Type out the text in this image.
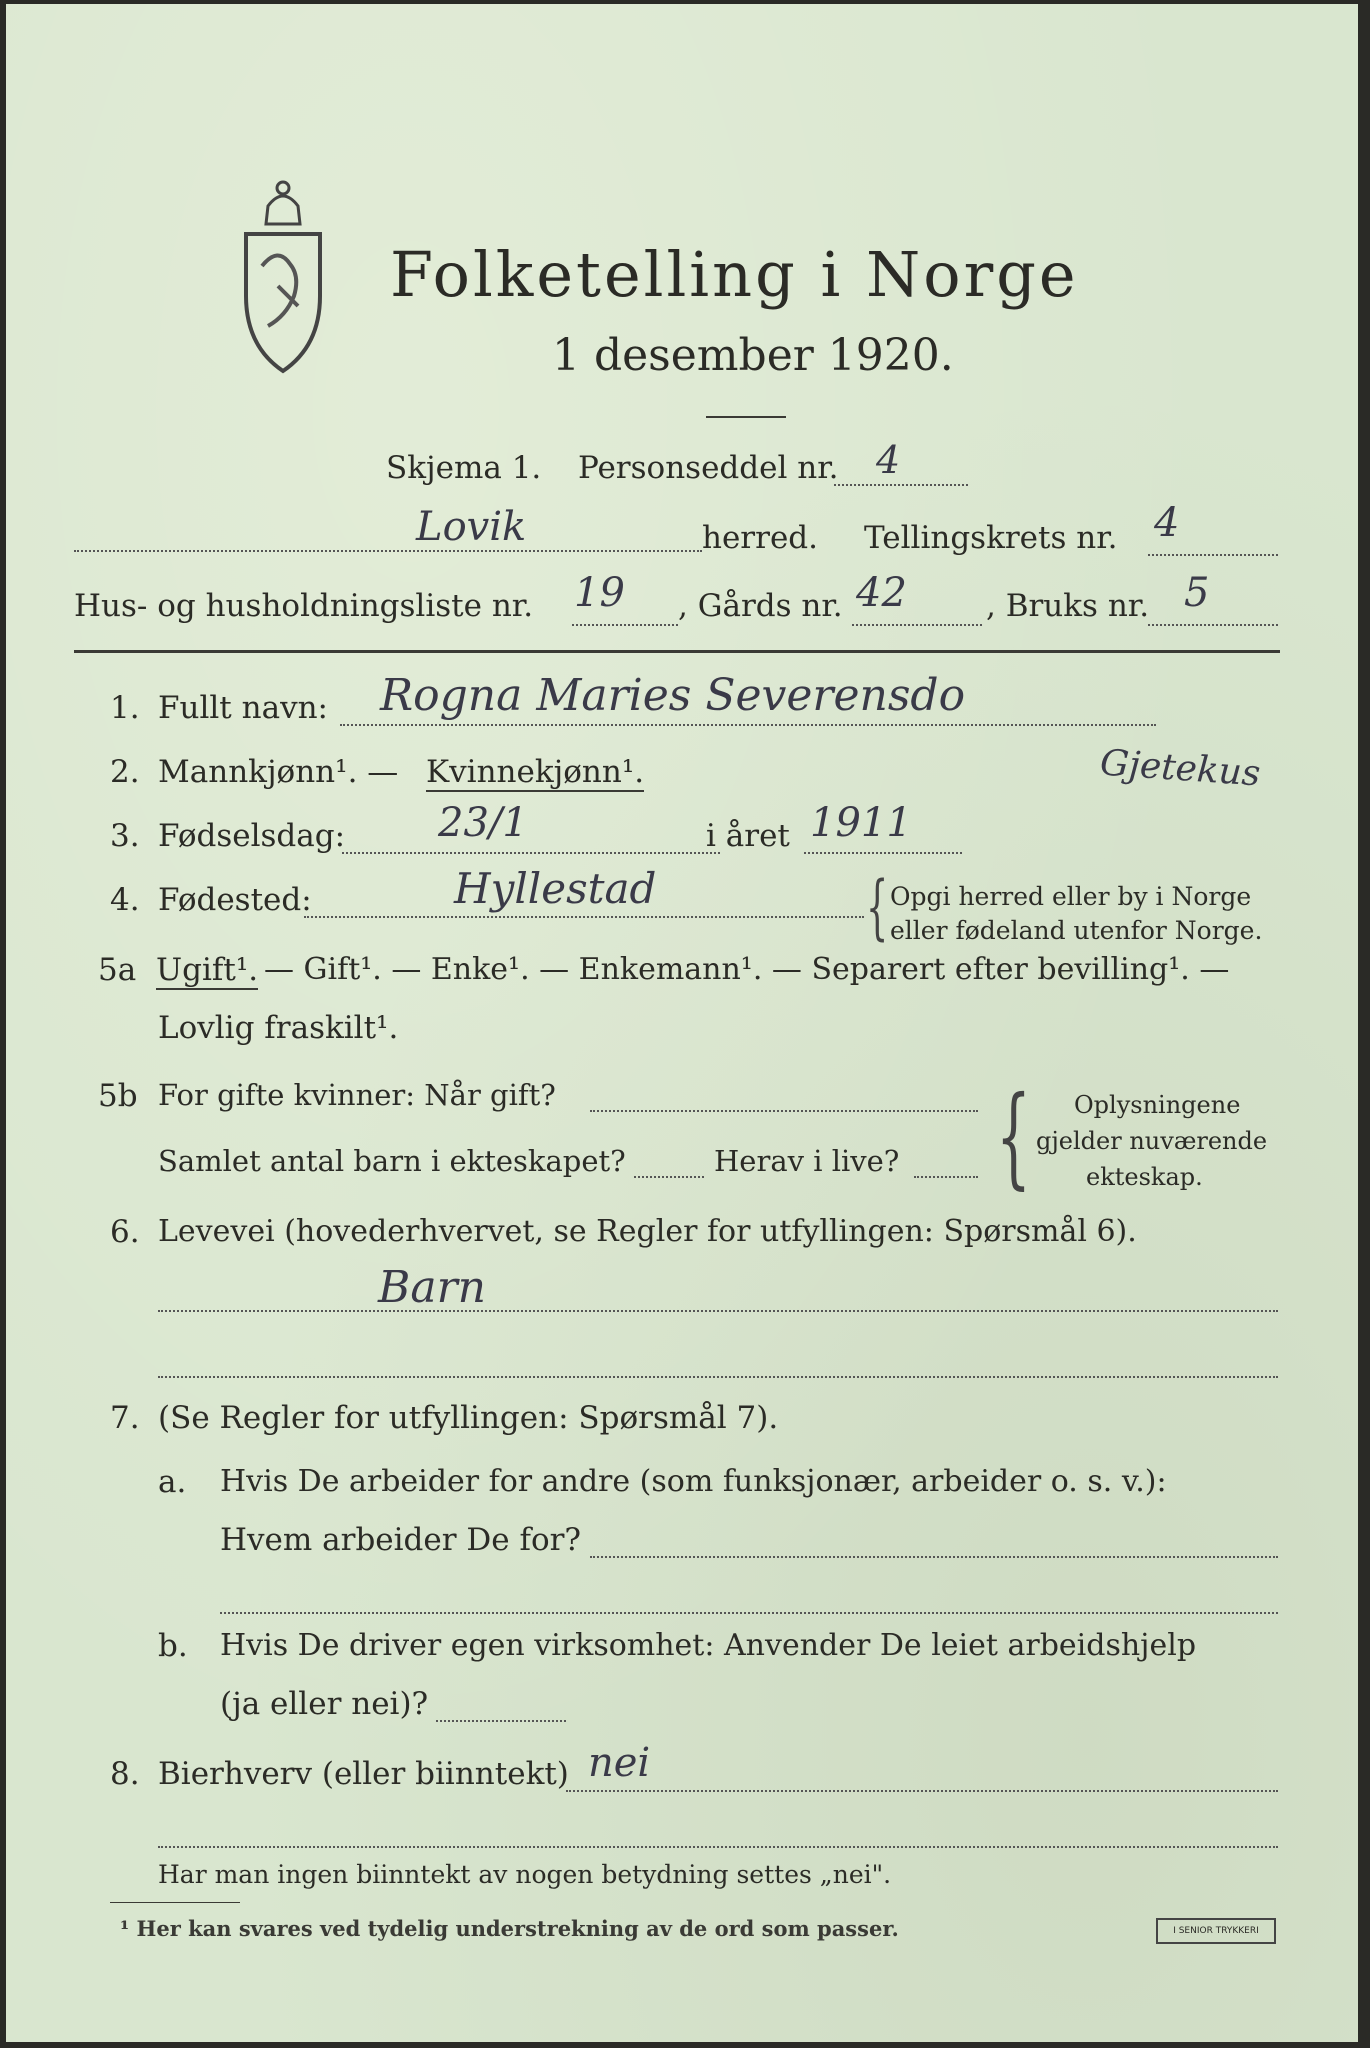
Folketelling i Norge
1 desember 1920.
Skjema 1. Personseddel nr. 4
Lovik	herred. Tellingskrets nr. 4
Hus- og husholdningsliste nr. 19 , Gårds nr. 42	, Bruks nr. 5
1. Fullt navn: Rogna Maries Severensdo
2. Mannkjønn¹. — Kvinnekjønn¹.	Gjetekus
3. Fødselsdag: 23/1	i året 1911
4. Fødested:	Hyllestad	{ Opgi herred eller by i Norge
eller fødeland utenfor Norge.
5a Ugift¹. — Gift¹. — Enke¹. — Enkemann¹. — Separert efter bevilling¹. —
Lovlig fraskilt¹.
5b For gifte kvinner: Når gift?
Samlet antal barn i ekteskapet?	Herav i live? { Oplysningene
gjelder nuværende
ekteskap.
6. Levevei (hovederhvervet, se Regler for utfyllingen: Spørsmål 6).
Barn
7. (Se Regler for utfyllingen: Spørsmål 7).
a. Hvis De arbeider for andre (som funksjonær, arbeider o. s. v.):
Hvem arbeider De for?
b. Hvis De driver egen virksomhet: Anvender De leiet arbeidshjelp
(ja eller nei)?
8. Bierhverv (eller biinntekt) nei
Har man ingen biinntekt av nogen betydning settes „nei".
¹ Her kan svares ved tydelig understrekning av de ord som passer.	I SENIOR TRYKKERI
